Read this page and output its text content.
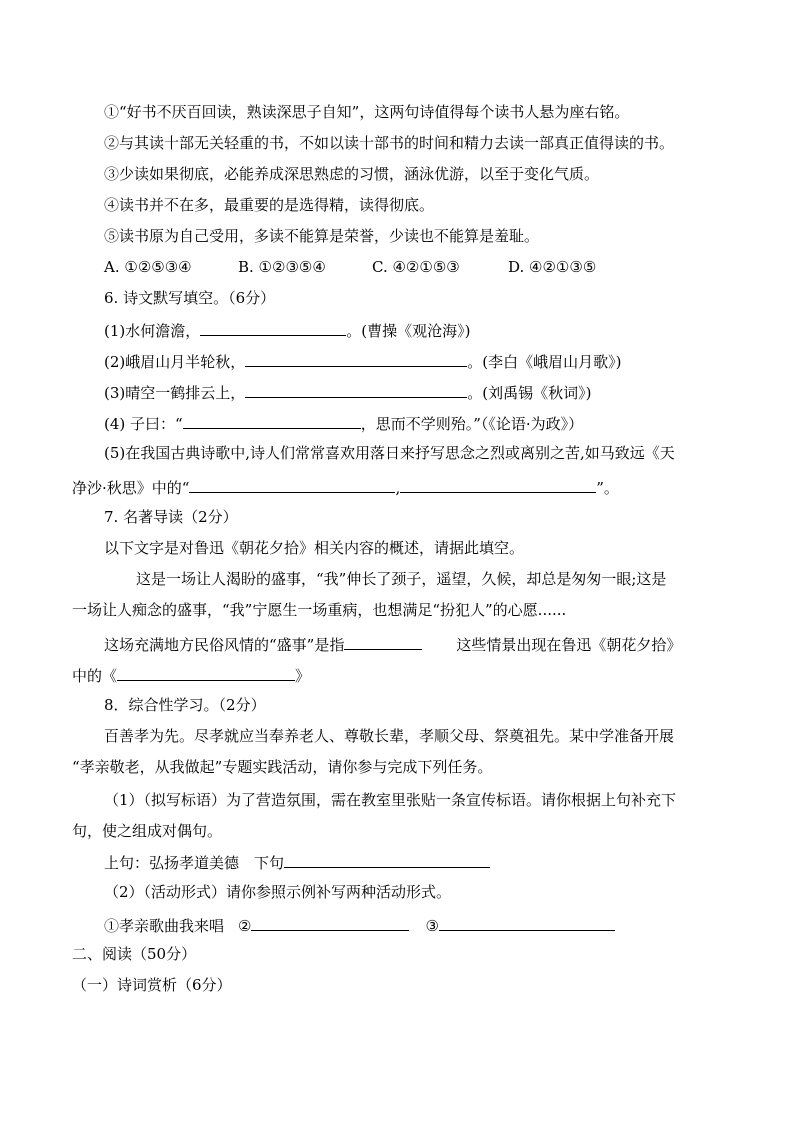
①“好书不厌百回读，熟读深思子自知”，这两句诗值得每个读书人悬为座右铭。
②与其读十部无关轻重的书，不如以读十部书的时间和精力去读一部真正值得读的书。
③少读如果彻底，必能养成深思熟虑的习惯，涵泳优游，以至于变化气质。
④读书并不在多，最重要的是选得精，读得彻底。
⑤读书原为自己受用，多读不能算是荣誉，少读也不能算是羞耻。
A. ①②⑤③④	B. ①②③⑤④	C. ④②①⑤③	D. ④②①③⑤
6. 诗文默写填空。（6分）
(1)水何澹澹，	。(曹操《观沧海》)
(2)峨眉山月半轮秋，	。(李白《峨眉山月歌》)
(3)晴空一鹤排云上，	。(刘禹锡《秋词》)
(4) 子曰：“	，思而不学则殆。”（《论语·为政》）
(5)在我国古典诗歌中,诗人们常常喜欢用落日来抒写思念之烈或离别之苦,如马致远《天
净沙·秋思》中的“	,	”。
7. 名著导读（2分）
以下文字是对鲁迅《朝花夕拾》相关内容的概述，请据此填空。
这是一场让人渴盼的盛事，“我”伸长了颈子，遥望，久候，却总是匆匆一眼;这是
一场让人痴念的盛事，“我”宁愿生一场重病，也想满足“扮犯人”的心愿......
这场充满地方民俗风情的“盛事”是指	这些情景出现在鲁迅《朝花夕拾》
中的《	》
8．综合性学习。（2分）
百善孝为先。尽孝就应当奉养老人、尊敬长辈，孝顺父母、祭奠祖先。某中学准备开展
“孝亲敬老，从我做起”专题实践活动，请你参与完成下列任务。
（1）（拟写标语）为了营造氛围，需在教室里张贴一条宣传标语。请你根据上句补充下
句，使之组成对偶句。
上句：弘扬孝道美德　下句
（2）（活动形式）请你参照示例补写两种活动形式。
①孝亲歌曲我来唱 ②	③
二、阅读（50分）
（一）诗词赏析（6分）
